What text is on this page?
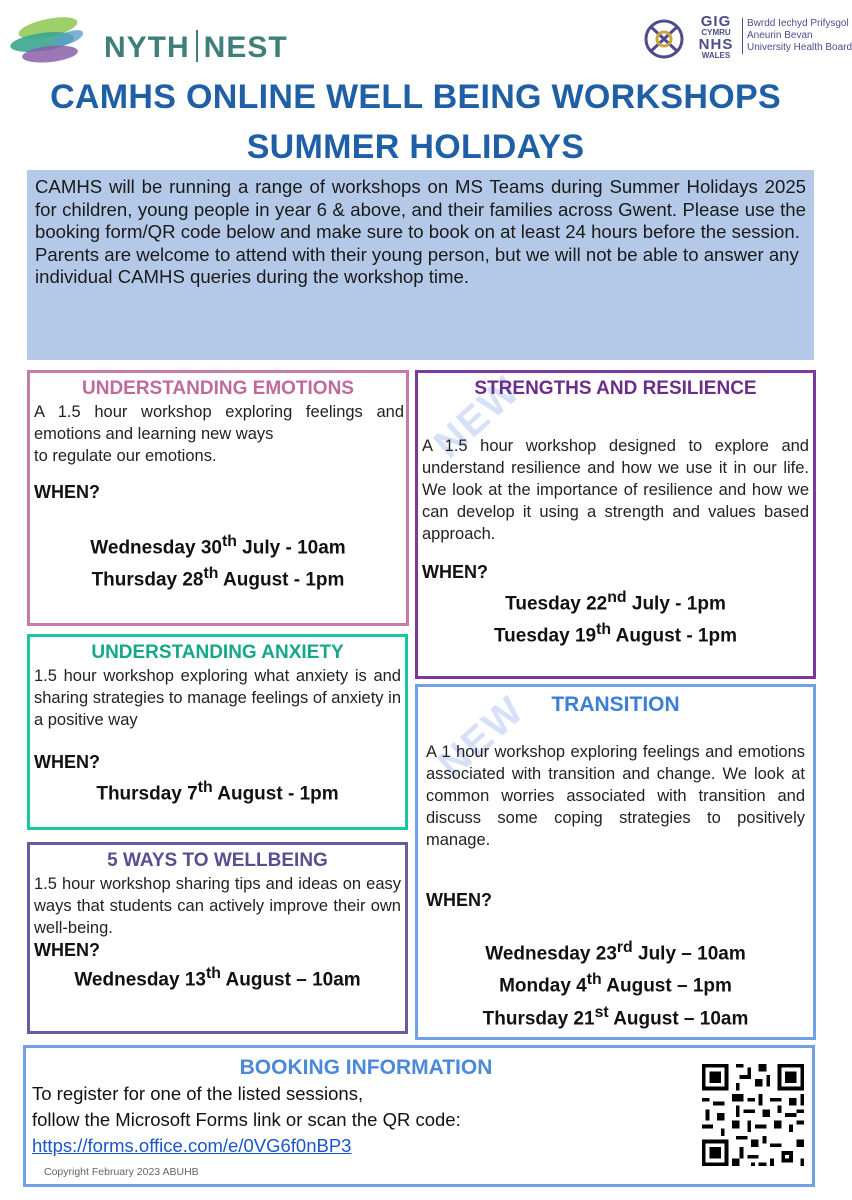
NYTH NEST
GIG
CYMRU
NHS
WALES
Bwrdd Iechyd Prifysgol
Aneurin Bevan
University Health Board
CAMHS ONLINE WELL BEING WORKSHOPS
SUMMER HOLIDAYS

CAMHS will be running a range of workshops on MS Teams during Summer Holidays 2025 for children, young people in year 6 & above, and their families across Gwent. Please use the booking form/QR code below and make sure to book on at least 24 hours before the session.

Parents are welcome to attend with their young person, but we will not be able to answer any individual CAMHS queries during the workshop time.

UNDERSTANDING EMOTIONS

A 1.5 hour workshop exploring feelings and emotions and learning new ways
to regulate our emotions.

WHEN?
Wednesday 30th July - 10am
Thursday 28th August - 1pm
NEW
STRENGTHS AND RESILIENCE

A 1.5 hour workshop designed to explore and understand resilience and how we use it in our life. We look at the importance of resilience and how we can develop it using a strength and values based approach.

WHEN?
Tuesday 22nd July - 1pm
Tuesday 19th August - 1pm
UNDERSTANDING ANXIETY

1.5 hour workshop exploring what anxiety is and sharing strategies to manage feelings of anxiety in a positive way

WHEN?
Thursday 7th August - 1pm
5 WAYS TO WELLBEING

1.5 hour workshop sharing tips and ideas on easy ways that students can actively improve their own well-being.

WHEN?
Wednesday 13th August – 10am
NEW TRANSITION

A 1 hour workshop exploring feelings and emotions associated with transition and change. We look at common worries associated with transition and discuss some coping strategies to positively manage.

WHEN?
Wednesday 23rd July – 10am
Monday 4th August – 1pm
Thursday 21st August – 10am
BOOKING INFORMATION
To register for one of the listed sessions,
follow the Microsoft Forms link or scan the QR code:
https://forms.office.com/e/0VG6f0nBP3
Copyright February 2023 ABUHB
